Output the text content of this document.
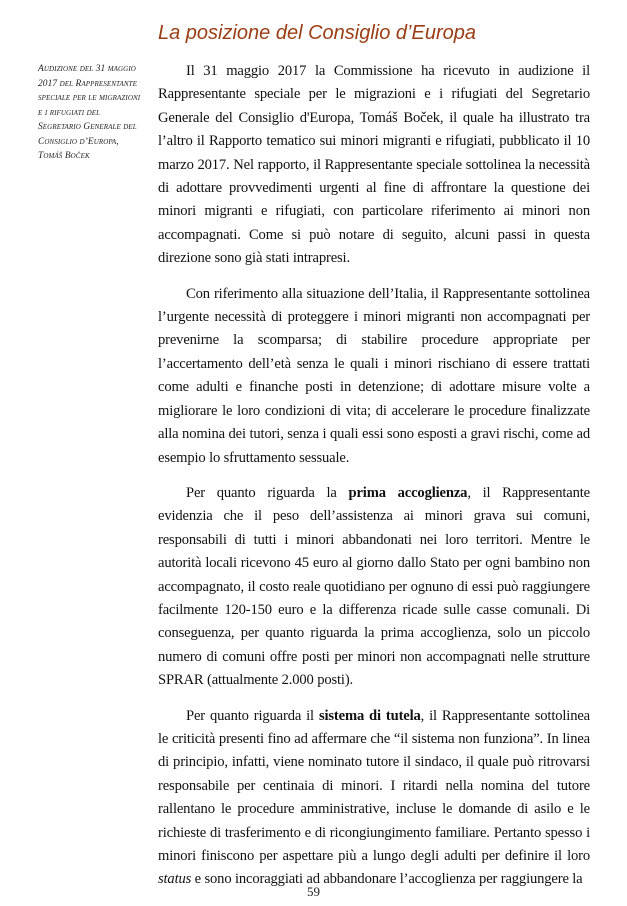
La posizione del Consiglio d’Europa
Audizione del 31 maggio 2017 del Rappresentante speciale per le migrazioni e i rifugiati del Segretario Generale del Consiglio d’Europa, Tomáš Boček

Il 31 maggio 2017 la Commissione ha ricevuto in audizione il Rappresentante speciale per le migrazioni e i rifugiati del Segretario Generale del Consiglio d'Europa, Tomáš Boček, il quale ha illustrato tra l’altro il Rapporto tematico sui minori migranti e rifugiati, pubblicato il 10 marzo 2017. Nel rapporto, il Rappresentante speciale sottolinea la necessità di adottare provvedimenti urgenti al fine di affrontare la questione dei minori migranti e rifugiati, con particolare riferimento ai minori non accompagnati. Come si può notare di seguito, alcuni passi in questa direzione sono già stati intrapresi.

Con riferimento alla situazione dell’Italia, il Rappresentante sottolinea l’urgente necessità di proteggere i minori migranti non accompagnati per prevenirne la scomparsa; di stabilire procedure appropriate per l’accertamento dell’età senza le quali i minori rischiano di essere trattati come adulti e finanche posti in detenzione; di adottare misure volte a migliorare le loro condizioni di vita; di accelerare le procedure finalizzate alla nomina dei tutori, senza i quali essi sono esposti a gravi rischi, come ad esempio lo sfruttamento sessuale.

Per quanto riguarda la prima accoglienza, il Rappresentante evidenzia che il peso dell’assistenza ai minori grava sui comuni, responsabili di tutti i minori abbandonati nei loro territori. Mentre le autorità locali ricevono 45 euro al giorno dallo Stato per ogni bambino non accompagnato, il costo reale quotidiano per ognuno di essi può raggiungere facilmente 120-150 euro e la differenza ricade sulle casse comunali. Di conseguenza, per quanto riguarda la prima accoglienza, solo un piccolo numero di comuni offre posti per minori non accompagnati nelle strutture SPRAR (attualmente 2.000 posti).

Per quanto riguarda il sistema di tutela, il Rappresentante sottolinea le criticità presenti fino ad affermare che “il sistema non funziona”. In linea di principio, infatti, viene nominato tutore il sindaco, il quale può ritrovarsi responsabile per centinaia di minori. I ritardi nella nomina del tutore rallentano le procedure amministrative, incluse le domande di asilo e le richieste di trasferimento e di ricongiungimento familiare. Pertanto spesso i minori finiscono per aspettare più a lungo degli adulti per definire il loro status e sono incoraggiati ad abbandonare l’accoglienza per raggiungere la

59
